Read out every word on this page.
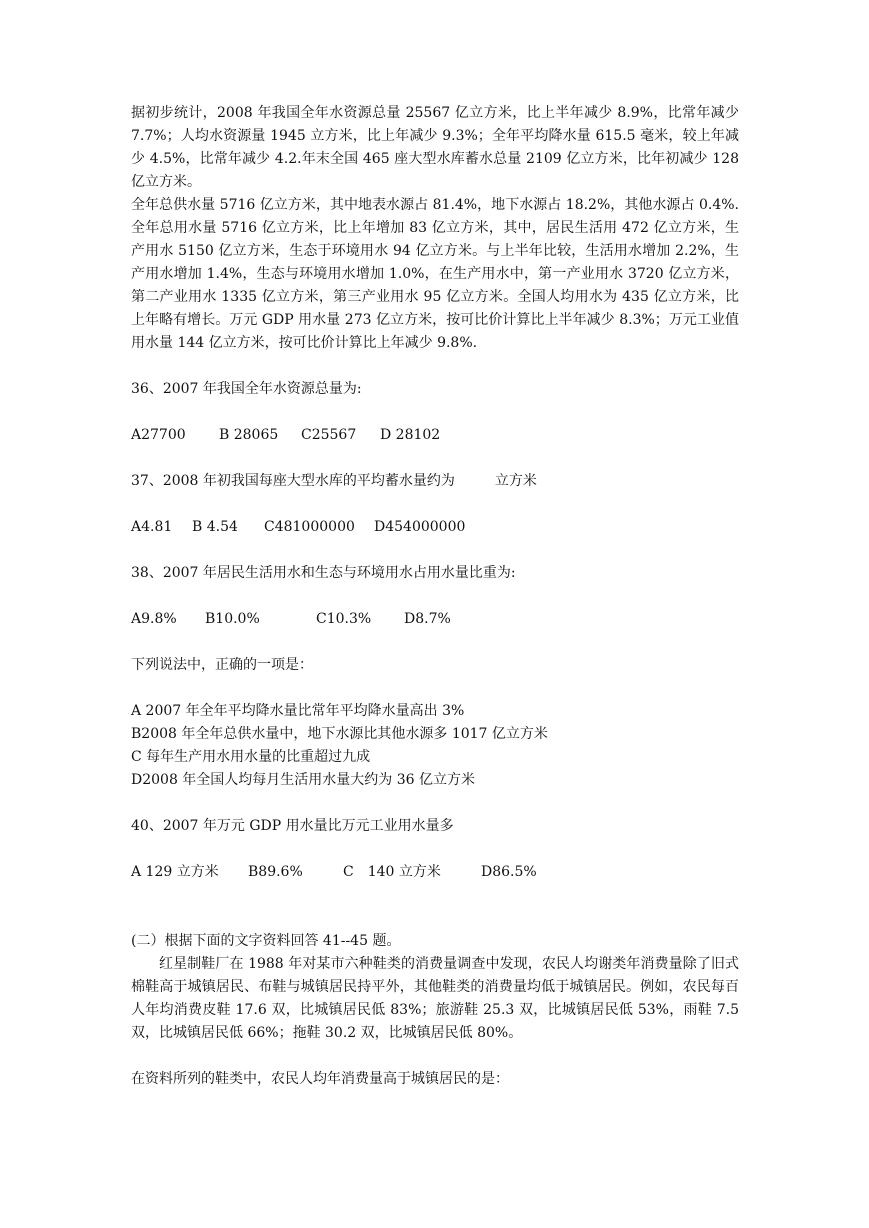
据初步统计，2008 年我国全年水资源总量 25567 亿立方米，比上半年减少 8.9%，比常年减少 7.7%；人均水资源量 1945 立方米，比上年减少 9.3%；全年平均降水量 615.5 毫米，较上年减少 4.5%，比常年减少 4.2.年末全国 465 座大型水库蓄水总量 2109 亿立方米，比年初减少 128 亿立方米。

全年总供水量 5716 亿立方米，其中地表水源占 81.4%，地下水源占 18.2%，其他水源占 0.4%. 全年总用水量 5716 亿立方米，比上年增加 83 亿立方米，其中，居民生活用 472 亿立方米，生产用水 5150 亿立方米，生态于环境用水 94 亿立方米。与上半年比较，生活用水增加 2.2%，生产用水增加 1.4%，生态与环境用水增加 1.0%，在生产用水中，第一产业用水 3720 亿立方米，第二产业用水 1335 亿立方米，第三产业用水 95 亿立方米。全国人均用水为 435 亿立方米，比上年略有增长。万元 GDP 用水量 273 亿立方米，按可比价计算比上半年减少 8.3%；万元工业值用水量 144 亿立方米，按可比价计算比上年减少 9.8%.

36、2007 年我国全年水资源总量为:

A27700	B 28065	C25567	D 28102

37、2008 年初我国每座大型水库的平均蓄水量约为	立方米

A4.81	B 4.54	C481000000	D454000000

38、2007 年居民生活用水和生态与环境用水占用水量比重为:

A9.8%	B10.0%	C10.3%	D8.7%

下列说法中，正确的一项是：

A 2007 年全年平均降水量比常年平均降水量高出 3%

B2008 年全年总供水量中，地下水源比其他水源多 1017 亿立方米

C 每年生产用水用水量的比重超过九成

D2008 年全国人均每月生活用水量大约为 36 亿立方米

40、2007 年万元 GDP 用水量比万元工业用水量多

A 129 立方米	B89.6%	C　140 立方米	D86.5%

(二）根据下面的文字资料回答 41--45 题。

红星制鞋厂在 1988 年对某市六种鞋类的消费量调查中发现，农民人均谢类年消费量除了旧式棉鞋高于城镇居民、布鞋与城镇居民持平外，其他鞋类的消费量均低于城镇居民。例如，农民每百人年均消费皮鞋 17.6 双，比城镇居民低 83%；旅游鞋 25.3 双，比城镇居民低 53%，雨鞋 7.5 双，比城镇居民低 66%；拖鞋 30.2 双，比城镇居民低 80%。

在资料所列的鞋类中，农民人均年消费量高于城镇居民的是：
